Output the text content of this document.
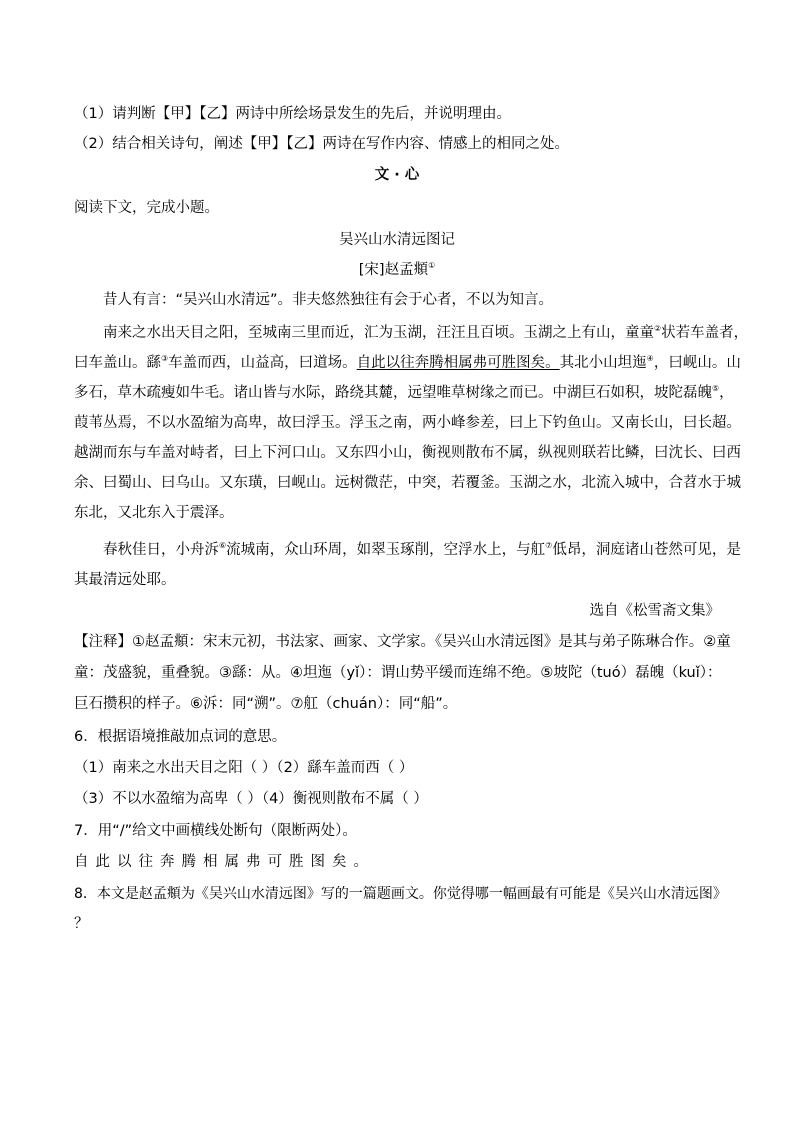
（1）请判断【甲】【乙】两诗中所绘场景发生的先后，并说明理由。
（2）结合相关诗句，阐述【甲】【乙】两诗在写作内容、情感上的相同之处。
文 · 心
阅读下文，完成小题。
吴兴山水清远图记
[宋]赵孟頫①
昔人有言：“吴兴山水清远”。非夫悠然独往有会于心者，不以为知言。
南来之水出天目之阳，至城南三里而近，汇为玉湖，汪汪且百顷。玉湖之上有山，童童②状若车盖者，
曰车盖山。繇③车盖而西，山益高，曰道场。自此以往奔腾相属弗可胜图矣。其北小山坦迤④，曰岘山。山
多石，草木疏瘦如牛毛。诸山皆与水际，路绕其麓，远望唯草树缘之而已。中湖巨石如积，坡陀磊魄⑤，
葭苇丛焉，不以水盈缩为高卑，故曰浮玉。浮玉之南，两小峰参差，曰上下钓鱼山。又南长山，曰长超。
越湖而东与车盖对峙者，曰上下河口山。又东四小山，衡视则散布不属，纵视则联若比鳞，曰沈长、曰西
余、曰蜀山、曰乌山。又东璜，曰岘山。远树微茫，中突，若覆釜。玉湖之水，北流入城中，合苕水于城
东北，又北东入于震泽。
春秋佳日，小舟泝⑥流城南，众山环周，如翠玉琢削，空浮水上，与舡⑦低昂，洞庭诸山苍然可见，是
其最清远处耶。
选自《松雪斋文集》
【注释】①赵孟頫：宋末元初，书法家、画家、文学家。《吴兴山水清远图》是其与弟子陈琳合作。②童
童：茂盛貌，重叠貌。③繇：从。④坦迤（yǐ）：谓山势平缓而连绵不绝。⑤坡陀（tuó）磊魄（kuǐ）：
巨石攒积的样子。⑥泝：同“溯”。⑦舡（chuán）：同“船”。
6．根据语境推敲加点词的意思。
（1）南来之水出天目之阳（ ）（2）繇车盖而西（ ）
（3）不以水盈缩为高卑（ ）（4）衡视则散布不属（ ）
7．用“/”给文中画横线处断句（限断两处）。
自此以往奔腾相属弗可胜图矣。
8．本文是赵孟頫为《吴兴山水清远图》写的一篇题画文。你觉得哪一幅画最有可能是《吴兴山水清远图》
？
